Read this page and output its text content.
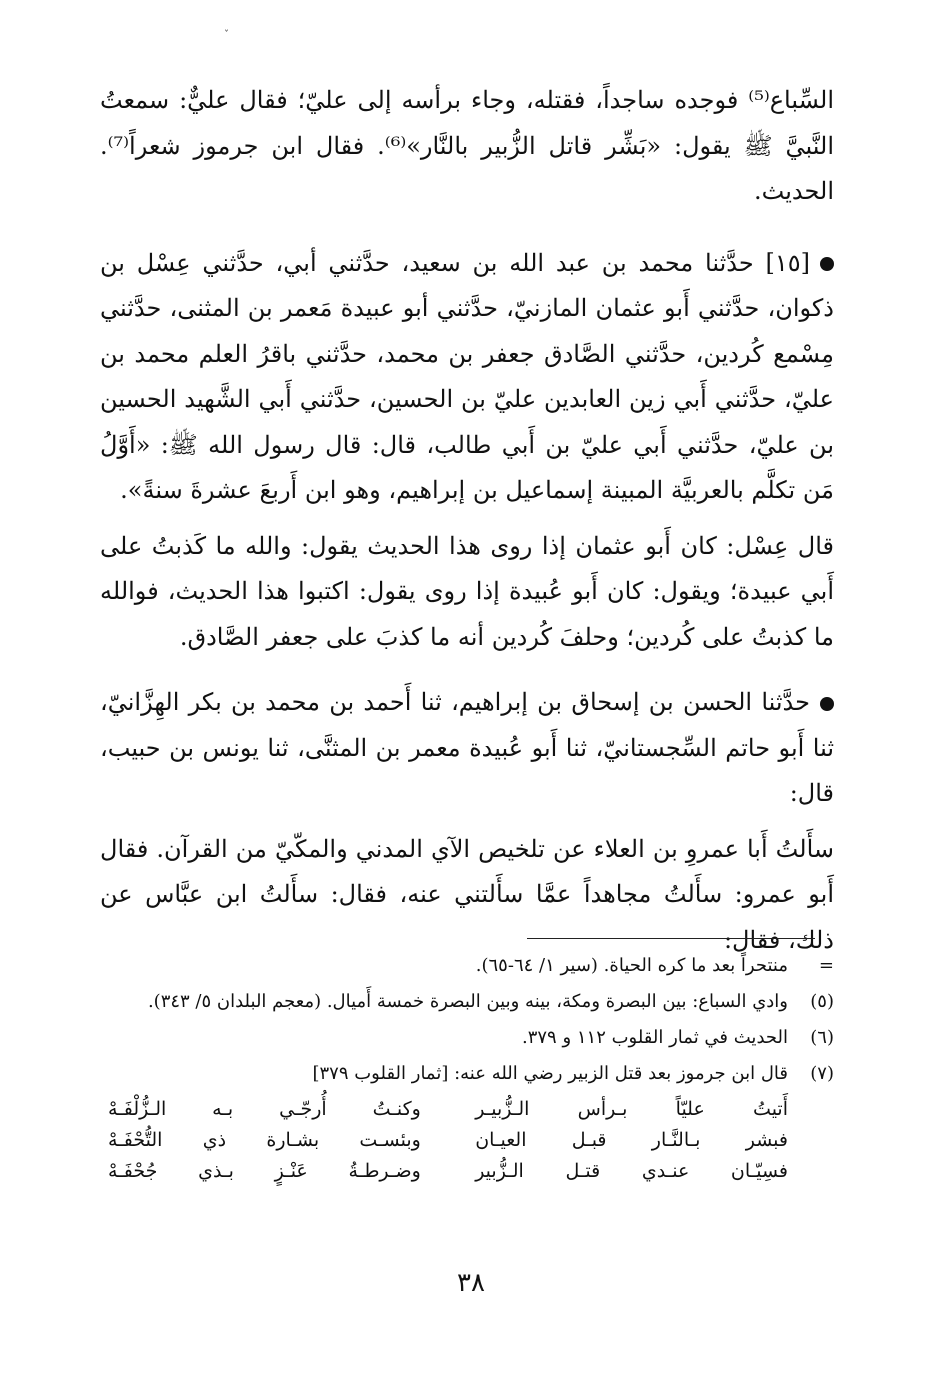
ˇ

السِّباع⁽⁵⁾ فوجده ساجداً، فقتله، وجاء برأسه إلى عليّ؛ فقال عليٌّ: سمعتُ النَّبيَّ ﷺ يقول: «بَشِّر قاتل الزُّبير بالنَّار»⁽⁶⁾. فقال ابن جرموز شعراً⁽⁷⁾. الحديث.

[١٥] حدَّثنا محمد بن عبد الله بن سعيد، حدَّثني أبي، حدَّثني عِسْل بن ذكوان، حدَّثني أَبو عثمان المازنيّ، حدَّثني أبو عبيدة مَعمر بن المثنى، حدَّثني مِسْمع كُردين، حدَّثني الصَّادق جعفر بن محمد، حدَّثني باقرُ العلم محمد بن عليّ، حدَّثني أَبي زين العابدين عليّ بن الحسين، حدَّثني أَبي الشَّهيد الحسين بن عليّ، حدَّثني أَبي عليّ بن أَبي طالب، قال: قال رسول الله ﷺ: «أَوَّلُ مَن تكلَّم بالعربيَّة المبينة إسماعيل بن إبراهيم، وهو ابن أَربعَ عشرةَ سنةً».

قال عِسْل: كان أَبو عثمان إذا روى هذا الحديث يقول: والله ما كَذبتُ على أَبي عبيدة؛ ويقول: كان أَبو عُبيدة إذا روى يقول: اكتبوا هذا الحديث، فوالله ما كذبتُ على كُردين؛ وحلفَ كُردين أنه ما كذبَ على جعفر الصَّادق.

حدَّثنا الحسن بن إسحاق بن إبراهيم، ثنا أَحمد بن محمد بن بكر الهِزَّانيّ، ثنا أَبو حاتم السِّجستانيّ، ثنا أَبو عُبيدة معمر بن المثنَّى، ثنا يونس بن حبيب، قال:

سأَلتُ أَبا عمروِ بن العلاء عن تلخيص الآي المدني والمكّيّ من القرآن. فقال أَبو عمرو: سأَلتُ مجاهداً عمَّا سأَلتني عنه، فقال: سأَلتُ ابن عبَّاس عن ذلك، فقال:

=
منتحراً بعد ما كره الحياة. (سير ١/ ٦٤-٦٥).
(٥)
وادي السباع: بين البصرة ومكة، بينه وبين البصرة خمسة أَميال. (معجم البلدان ٥/ ٣٤٣).
(٦)
الحديث في ثمار القلوب ١١٢ و ٣٧٩.
(٧)
قال ابن جرموز بعد قتل الزبير رضي الله عنه: [ثمار القلوب ٣٧٩]
أَتيتُ عليّاً بـرأس الـزُّبيـر
وكنـتُ أُرجّـي بـه الـزُّلْفَـهْ
فبشر بـالنَّـار قبـل العيـان
وبئسـت بشـارة ذي التُّحْفَـهْ
فسِيّـان عنـدي قتـل الـزُّبير
وضـرطـةُ عَنْـزٍ بـذي جُحْفَـهْ
٣٨
